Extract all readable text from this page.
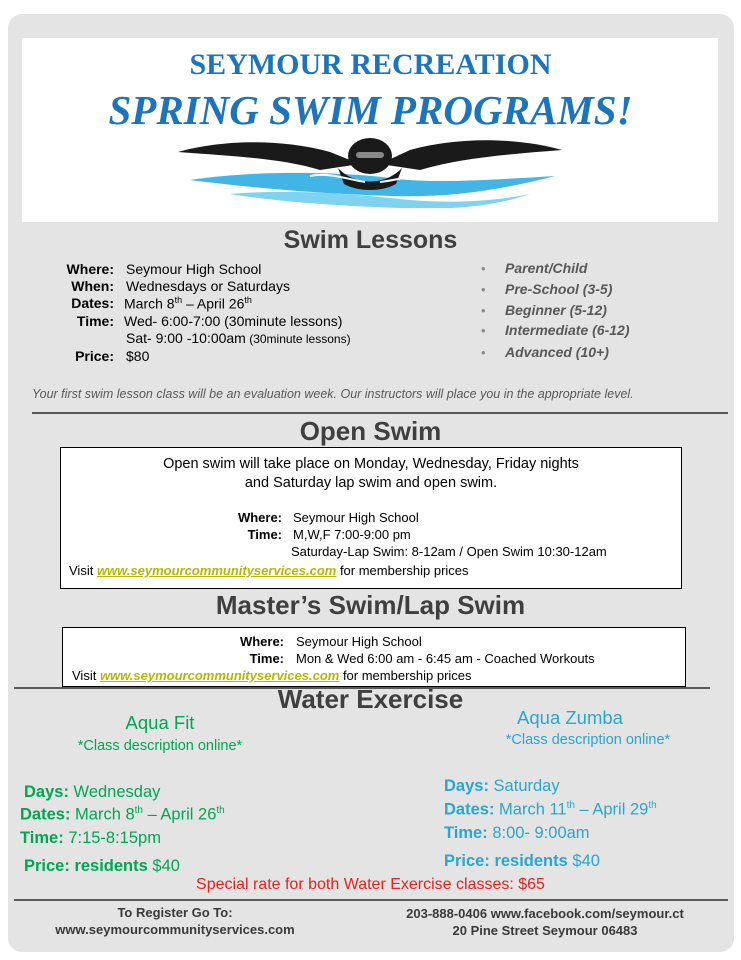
SEYMOUR RECREATION
SPRING SWIM PROGRAMS!
Swim Lessons
Where: Seymour High School
When: Wednesdays or Saturdays
Dates: March 8th – April 26th
Time: Wed- 6:00-7:00 (30minute lessons)
Sat- 9:00 -10:00am (30minute lessons)
Price: $80
• Parent/Child
• Pre-School (3-5)
• Beginner (5-12)
• Intermediate (6-12)
• Advanced (10+)
Your first swim lesson class will be an evaluation week. Our instructors will place you in the appropriate level.
Open Swim
Open swim will take place on Monday, Wednesday, Friday nights
and Saturday lap swim and open swim.
Where: Seymour High School
Time: M,W,F 7:00-9:00 pm
Saturday-Lap Swim: 8-12am / Open Swim 10:30-12am
Visit www.seymourcommunityservices.com for membership prices
Master’s Swim/Lap Swim
Where: Seymour High School
Time: Mon & Wed 6:00 am - 6:45 am - Coached Workouts
Visit www.seymourcommunityservices.com for membership prices
Water Exercise
Aqua Fit
*Class description online*
Aqua Zumba
*Class description online*
Days: Wednesday
Dates: March 8th – April 26th
Time: 7:15-8:15pm
Price: residents $40
Days: Saturday
Dates: March 11th – April 29th
Time: 8:00- 9:00am
Price: residents $40
Special rate for both Water Exercise classes: $65
To Register Go To:
www.seymourcommunityservices.com
203-888-0406 www.facebook.com/seymour.ct
20 Pine Street Seymour 06483
